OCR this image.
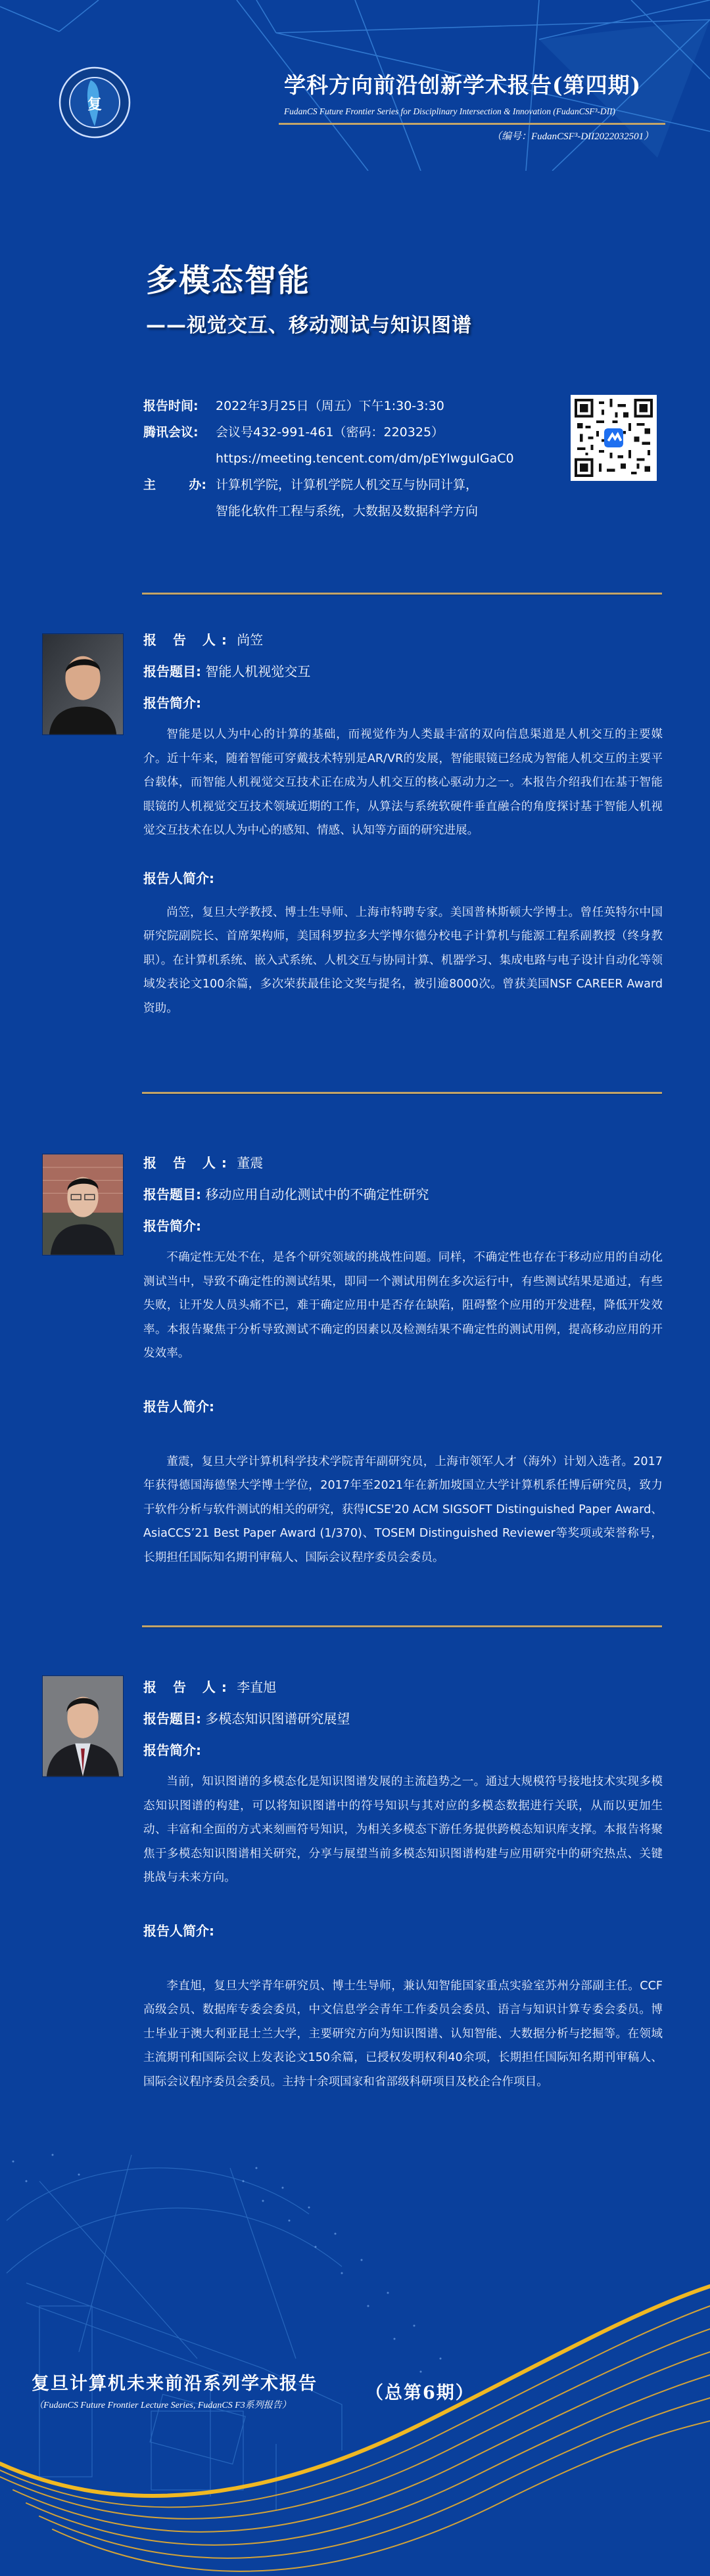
复
学科方向前沿创新学术报告(第四期)
FudanCS Future Frontier Series for Disciplinary Intersection & Innovation (FudanCSF³-DII)
（编号：FudanCSF³-DII2022032501）
多模态智能
——视觉交互、移动测试与知识图谱
报告时间:	2022年3月25日（周五）下午1:30-3:30
腾讯会议:	会议号432-991-461（密码：220325）
https://meeting.tencent.com/dm/pEYlwguIGaC0
主	办: 计算机学院，计算机学院人机交互与协同计算，
智能化软件工程与系统，大数据及数据科学方向
报 告 人: 尚笠
报告题目: 智能人机视觉交互
报告简介:

智能是以人为中心的计算的基础，而视觉作为人类最丰富的双向信息渠道是人机交互的主要媒介。近十年来，随着智能可穿戴技术特别是AR/VR的发展，智能眼镜已经成为智能人机交互的主要平台载体，而智能人机视觉交互技术正在成为人机交互的核心驱动力之一。本报告介绍我们在基于智能眼镜的人机视觉交互技术领域近期的工作，从算法与系统软硬件垂直融合的角度探讨基于智能人机视觉交互技术在以人为中心的感知、情感、认知等方面的研究进展。

报告人简介:

尚笠，复旦大学教授、博士生导师、上海市特聘专家。美国普林斯顿大学博士。曾任英特尔中国研究院副院长、首席架构师，美国科罗拉多大学博尔德分校电子计算机与能源工程系副教授（终身教职）。在计算机系统、嵌入式系统、人机交互与协同计算、机器学习、集成电路与电子设计自动化等领域发表论文100余篇，多次荣获最佳论文奖与提名，被引逾8000次。曾获美国NSF CAREER Award资助。

报 告 人: 董震
报告题目: 移动应用自动化测试中的不确定性研究
报告简介:

不确定性无处不在，是各个研究领域的挑战性问题。同样，不确定性也存在于移动应用的自动化测试当中，导致不确定性的测试结果，即同一个测试用例在多次运行中，有些测试结果是通过，有些失败，让开发人员头痛不已，难于确定应用中是否存在缺陷，阻碍整个应用的开发进程，降低开发效率。本报告聚焦于分析导致测试不确定的因素以及检测结果不确定性的测试用例，提高移动应用的开发效率。

报告人简介:

董震，复旦大学计算机科学技术学院青年副研究员，上海市领军人才（海外）计划入选者。2017年获得德国海德堡大学博士学位，2017年至2021年在新加坡国立大学计算机系任博后研究员，致力于软件分析与软件测试的相关的研究，获得ICSE'20 ACM SIGSOFT Distinguished Paper Award、AsiaCCS’21 Best Paper Award (1/370)、TOSEM Distinguished Reviewer等奖项或荣誉称号，长期担任国际知名期刊审稿人、国际会议程序委员会委员。

报 告 人: 李直旭
报告题目: 多模态知识图谱研究展望
报告简介:

当前，知识图谱的多模态化是知识图谱发展的主流趋势之一。通过大规模符号接地技术实现多模态知识图谱的构建，可以将知识图谱中的符号知识与其对应的多模态数据进行关联，从而以更加生动、丰富和全面的方式来刻画符号知识，为相关多模态下游任务提供跨模态知识库支撑。本报告将聚焦于多模态知识图谱相关研究，分享与展望当前多模态知识图谱构建与应用研究中的研究热点、关键挑战与未来方向。

报告人简介:

李直旭，复旦大学青年研究员、博士生导师，兼认知智能国家重点实验室苏州分部副主任。CCF高级会员、数据库专委会委员，中文信息学会青年工作委员会委员、语言与知识计算专委会委员。博士毕业于澳大利亚昆士兰大学，主要研究方向为知识图谱、认知智能、大数据分析与挖掘等。在领域主流期刊和国际会议上发表论文150余篇，已授权发明权利40余项，长期担任国际知名期刊审稿人、国际会议程序委员会委员。主持十余项国家和省部级科研项目及校企合作项目。

复旦计算机未来前沿系列学术报告	（总第6期）
（FudanCS Future Frontier Lecture Series, FudanCS F3系列报告）
